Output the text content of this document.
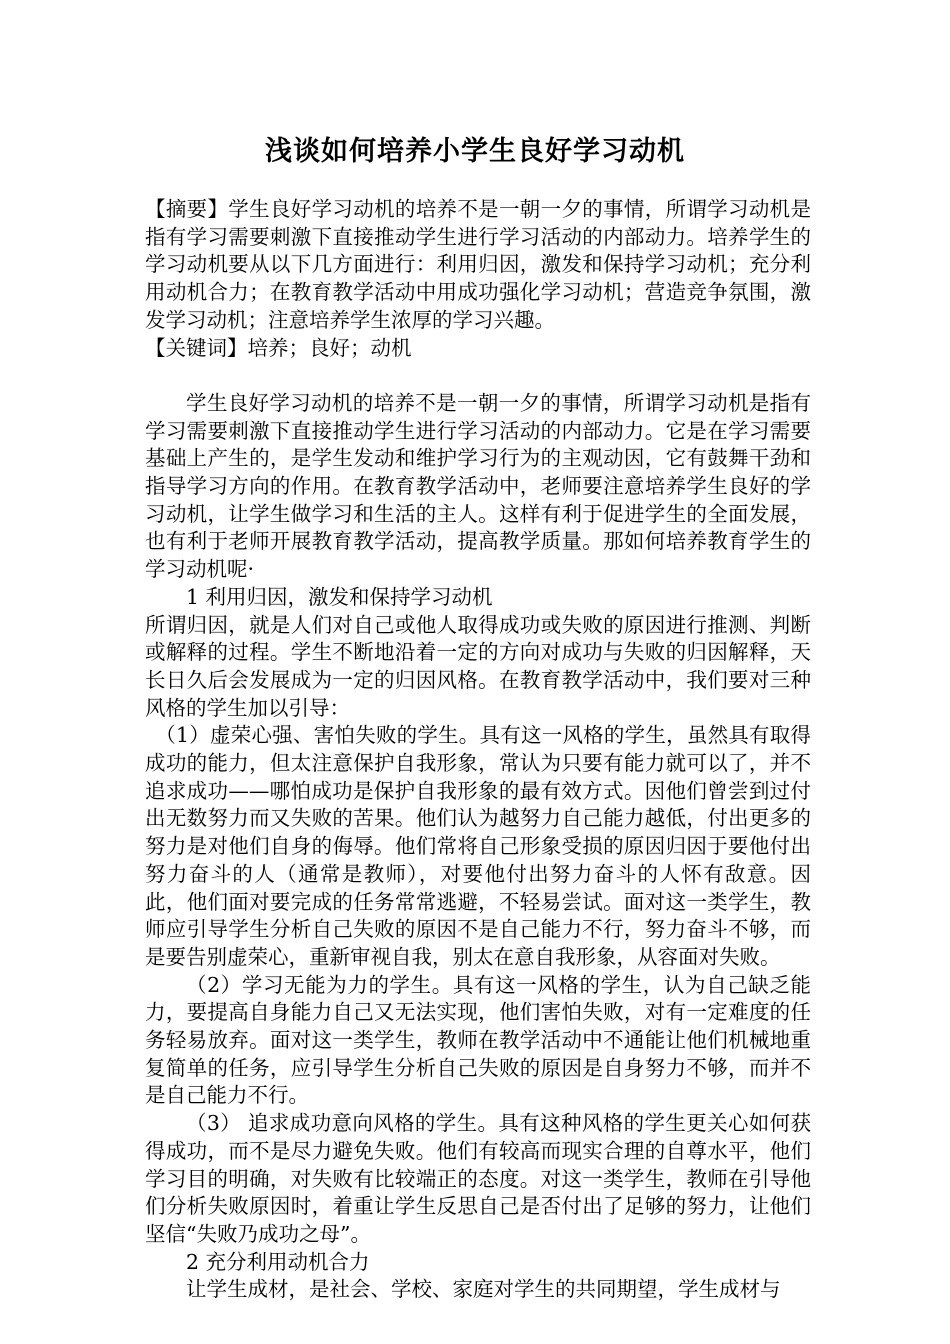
浅谈如何培养小学生良好学习动机

【摘要】学生良好学习动机的培养不是一朝一夕的事情，所谓学习动机是指有学习需要刺激下直接推动学生进行学习活动的内部动力。培养学生的学习动机要从以下几方面进行：利用归因，激发和保持学习动机；充分利用动机合力；在教育教学活动中用成功强化学习动机；营造竞争氛围，激发学习动机；注意培养学生浓厚的学习兴趣。

【关键词】培养；良好；动机

学生良好学习动机的培养不是一朝一夕的事情，所谓学习动机是指有学习需要刺激下直接推动学生进行学习活动的内部动力。它是在学习需要基础上产生的，是学生发动和维护学习行为的主观动因，它有鼓舞干劲和指导学习方向的作用。在教育教学活动中，老师要注意培养学生良好的学习动机，让学生做学习和生活的主人。这样有利于促进学生的全面发展，也有利于老师开展教育教学活动，提高教学质量。那如何培养教育学生的学习动机呢·

1 利用归因，激发和保持学习动机

所谓归因，就是人们对自己或他人取得成功或失败的原因进行推测、判断或解释的过程。学生不断地沿着一定的方向对成功与失败的归因解释，天长日久后会发展成为一定的归因风格。在教育教学活动中，我们要对三种风格的学生加以引导：

（1）虚荣心强、害怕失败的学生。具有这一风格的学生，虽然具有取得成功的能力，但太注意保护自我形象，常认为只要有能力就可以了，并不追求成功——哪怕成功是保护自我形象的最有效方式。因他们曾尝到过付出无数努力而又失败的苦果。他们认为越努力自己能力越低，付出更多的努力是对他们自身的侮辱。他们常将自己形象受损的原因归因于要他付出努力奋斗的人（通常是教师），对要他付出努力奋斗的人怀有敌意。因此，他们面对要完成的任务常常逃避，不轻易尝试。面对这一类学生，教师应引导学生分析自己失败的原因不是自己能力不行，努力奋斗不够，而是要告别虚荣心，重新审视自我，别太在意自我形象，从容面对失败。

（2）学习无能为力的学生。具有这一风格的学生，认为自己缺乏能力，要提高自身能力自己又无法实现，他们害怕失败，对有一定难度的任务轻易放弃。面对这一类学生，教师在教学活动中不通能让他们机械地重复简单的任务，应引导学生分析自己失败的原因是自身努力不够，而并不是自己能力不行。

（3） 追求成功意向风格的学生。具有这种风格的学生更关心如何获得成功，而不是尽力避免失败。他们有较高而现实合理的自尊水平，他们学习目的明确，对失败有比较端正的态度。对这一类学生，教师在引导他们分析失败原因时，着重让学生反思自己是否付出了足够的努力，让他们坚信“失败乃成功之母”。

2 充分利用动机合力

让学生成材，是社会、学校、家庭对学生的共同期望，学生成材与
